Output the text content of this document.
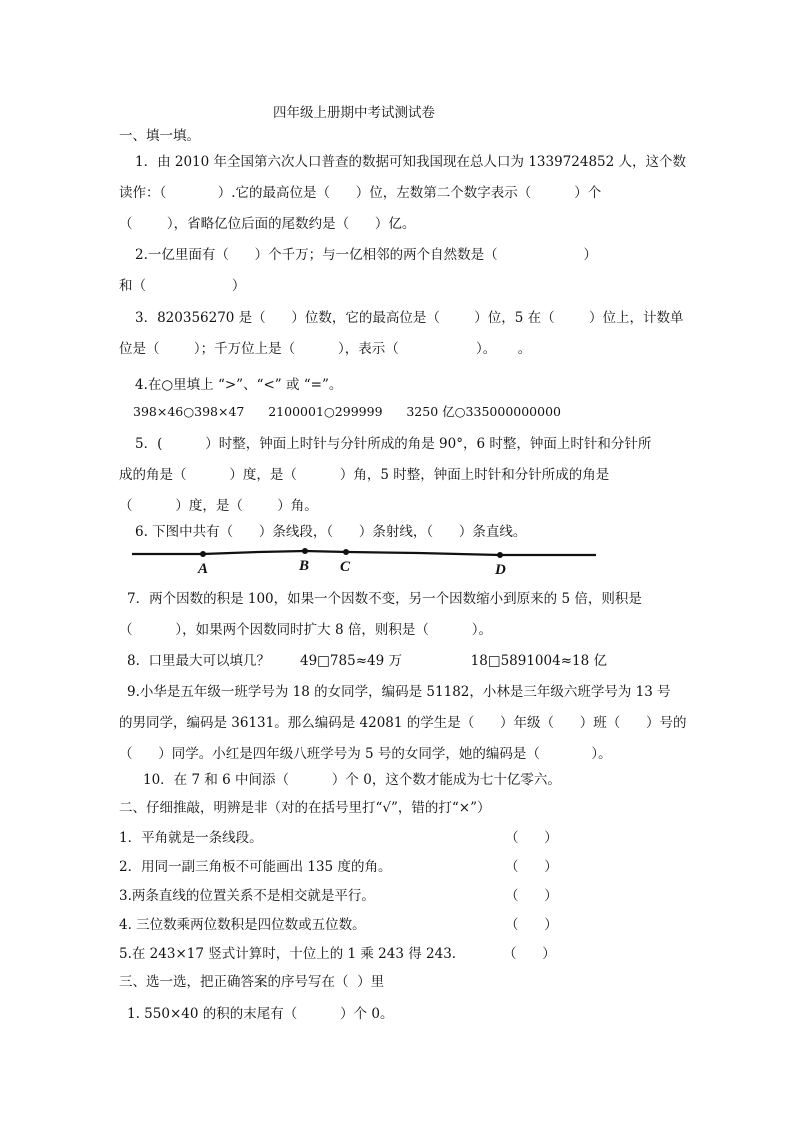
四年级上册期中考试测试卷
一、填一填。
1．由 2010 年全国第六次人口普查的数据可知我国现在总人口为 1339724852 人，这个数
读作：（            ）.它的最高位是（      ）位，左数第二个数字表示（          ）个
（        ），省略亿位后面的尾数约是（      ）亿。
2.一亿里面有（      ）个千万；与一亿相邻的两个自然数是（                    ）
和（                    ）
3．820356270 是（      ）位数，它的最高位是（        ）位，5 在（        ）位上，计数单
位是（        ）；千万位上是（          ），表示（                  ）。     。
4.在○里填上 “>”、“<” 或 “=”。
398×46○398×47      2100001○299999      3250 亿○335000000000
5．(          ）时整，钟面上时针与分针所成的角是 90°，6 时整，钟面上时针和分针所
成的角是（          ）度，是（          ）角，5 时整，钟面上时针和分针所成的角是
（          ）度，是（        ）角。
6. 下图中共有（      ）条线段，（      ）条射线，（      ）条直线。
A	B C	D
7．两个因数的积是 100，如果一个因数不变，另一个因数缩小到原来的 5 倍，则积是
（          ），如果两个因数同时扩大 8 倍，则积是（          ）。
8.  口里最大可以填几？       49□785≈49 万                18□5891004≈18 亿
9.小华是五年级一班学号为 18 的女同学，编码是 51182，小林是三年级六班学号为 13 号
的男同学，编码是 36131。那么编码是 42081 的学生是（      ）年级（      ）班（      ）号的
（      ）同学。小红是四年级八班学号为 5 号的女同学，她的编码是（            ）。
10．在 7 和 6 中间添（          ）个 0，这个数才能成为七十亿零六。
二、仔细推敲，明辨是非（对的在括号里打“√”，错的打“×”）
1．平角就是一条线段。	（      ）
2．用同一副三角板不可能画出 135 度的角。	（      ）
3.两条直线的位置关系不是相交就是平行。	（      ）
4. 三位数乘两位数积是四位数或五位数。	（      ）
5.在 243×17 竖式计算时，十位上的 1 乘 243 得 243.	（      ）
三、选一选，把正确答案的序号写在（  ）里
1. 550×40 的积的末尾有（          ）个 0。
